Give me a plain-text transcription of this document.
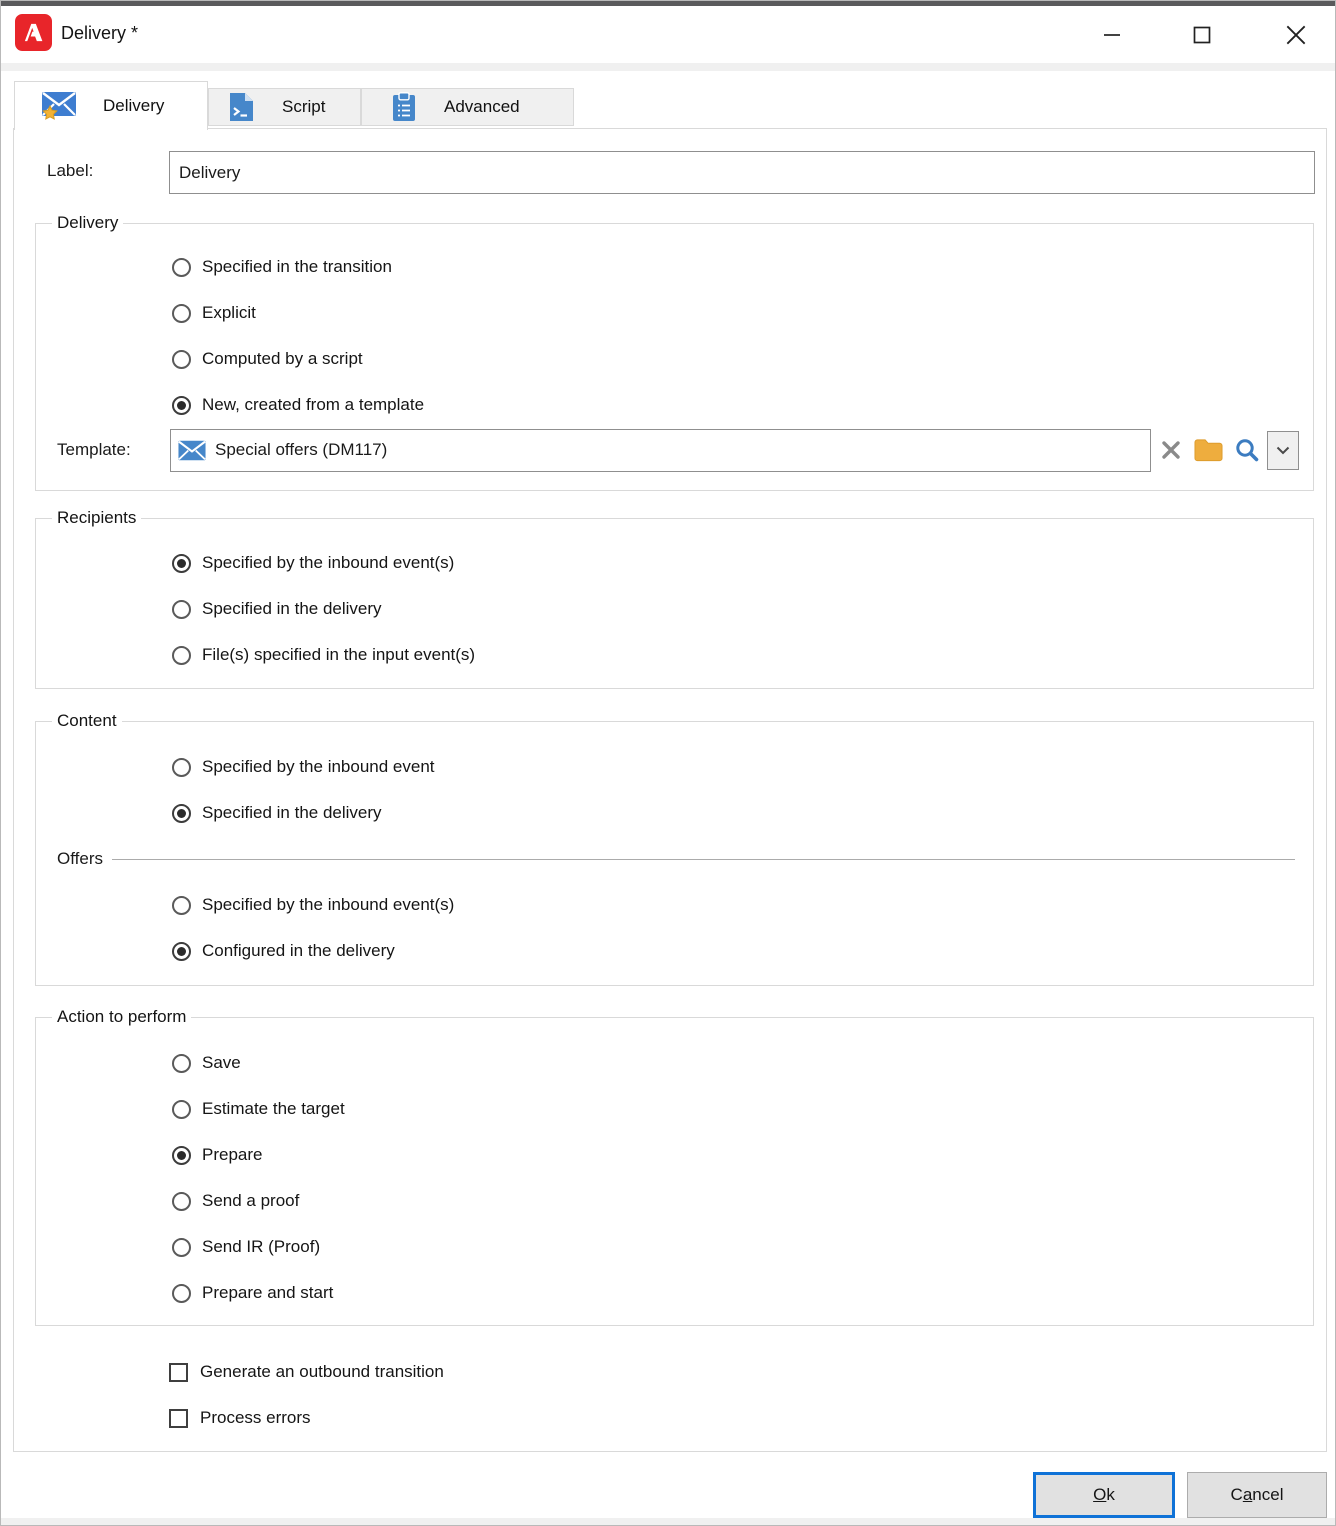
Delivery *
Delivery	Script	Advanced
Label:	Delivery
Delivery
Specified in the transition
Explicit
Computed by a script
New, created from a template
Template:	Special offers (DM117)
Recipients
Specified by the inbound event(s)
Specified in the delivery
File(s) specified in the input event(s)
Content
Specified by the inbound event
Specified in the delivery
Offers
Specified by the inbound event(s)
Configured in the delivery
Action to perform
Save
Estimate the target
Prepare
Send a proof
Send IR (Proof)
Prepare and start
Generate an outbound transition
Process errors
Ok	Cancel
